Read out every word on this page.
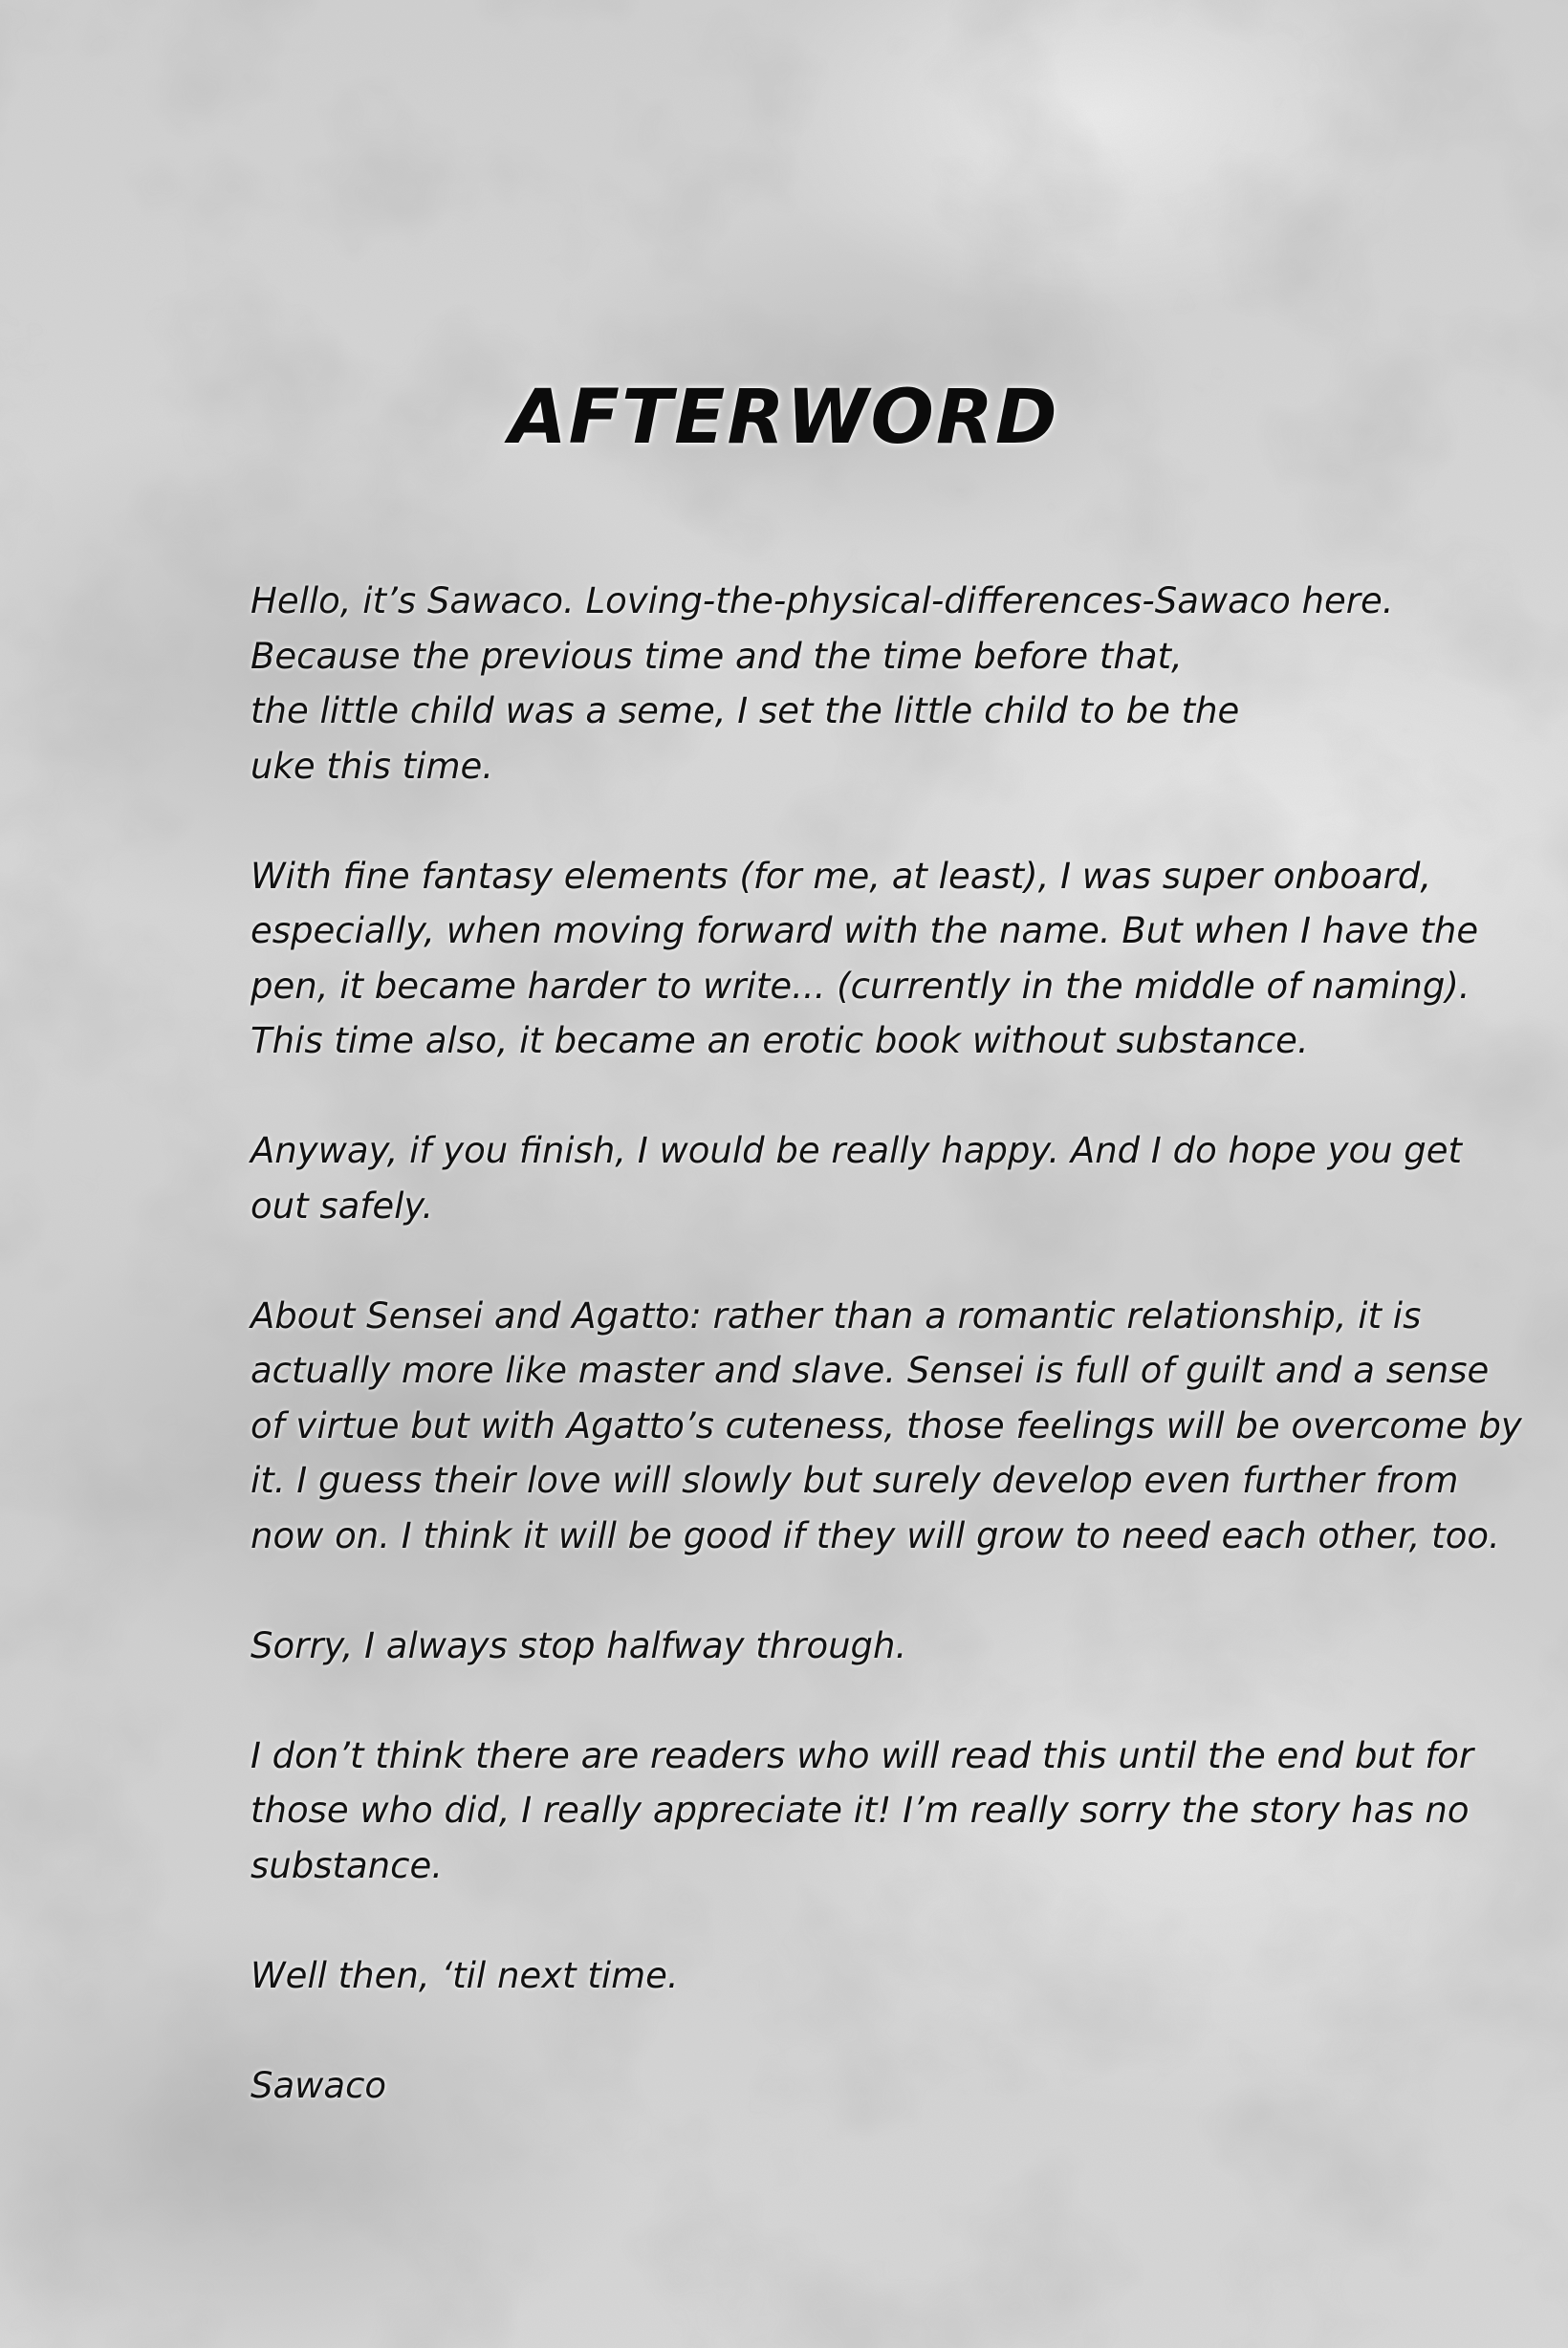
AFTERWORD

Hello, it’s Sawaco. Loving-the-physical-differences-Sawaco here.
Because the previous time and the time before that,
the little child was a seme, I set the little child to be the
uke this time.

With fine fantasy elements (for me, at least), I was super onboard,
especially, when moving forward with the name. But when I have the
pen, it became harder to write... (currently in the middle of naming).
This time also, it became an erotic book without substance.

Anyway, if you finish, I would be really happy. And I do hope you get
out safely.

About Sensei and Agatto: rather than a romantic relationship, it is
actually more like master and slave. Sensei is full of guilt and a sense
of virtue but with Agatto’s cuteness, those feelings will be overcome by
it. I guess their love will slowly but surely develop even further from
now on. I think it will be good if they will grow to need each other, too.

Sorry, I always stop halfway through.

I don’t think there are readers who will read this until the end but for
those who did, I really appreciate it! I’m really sorry the story has no
substance.

Well then, ‘til next time.

Sawaco
